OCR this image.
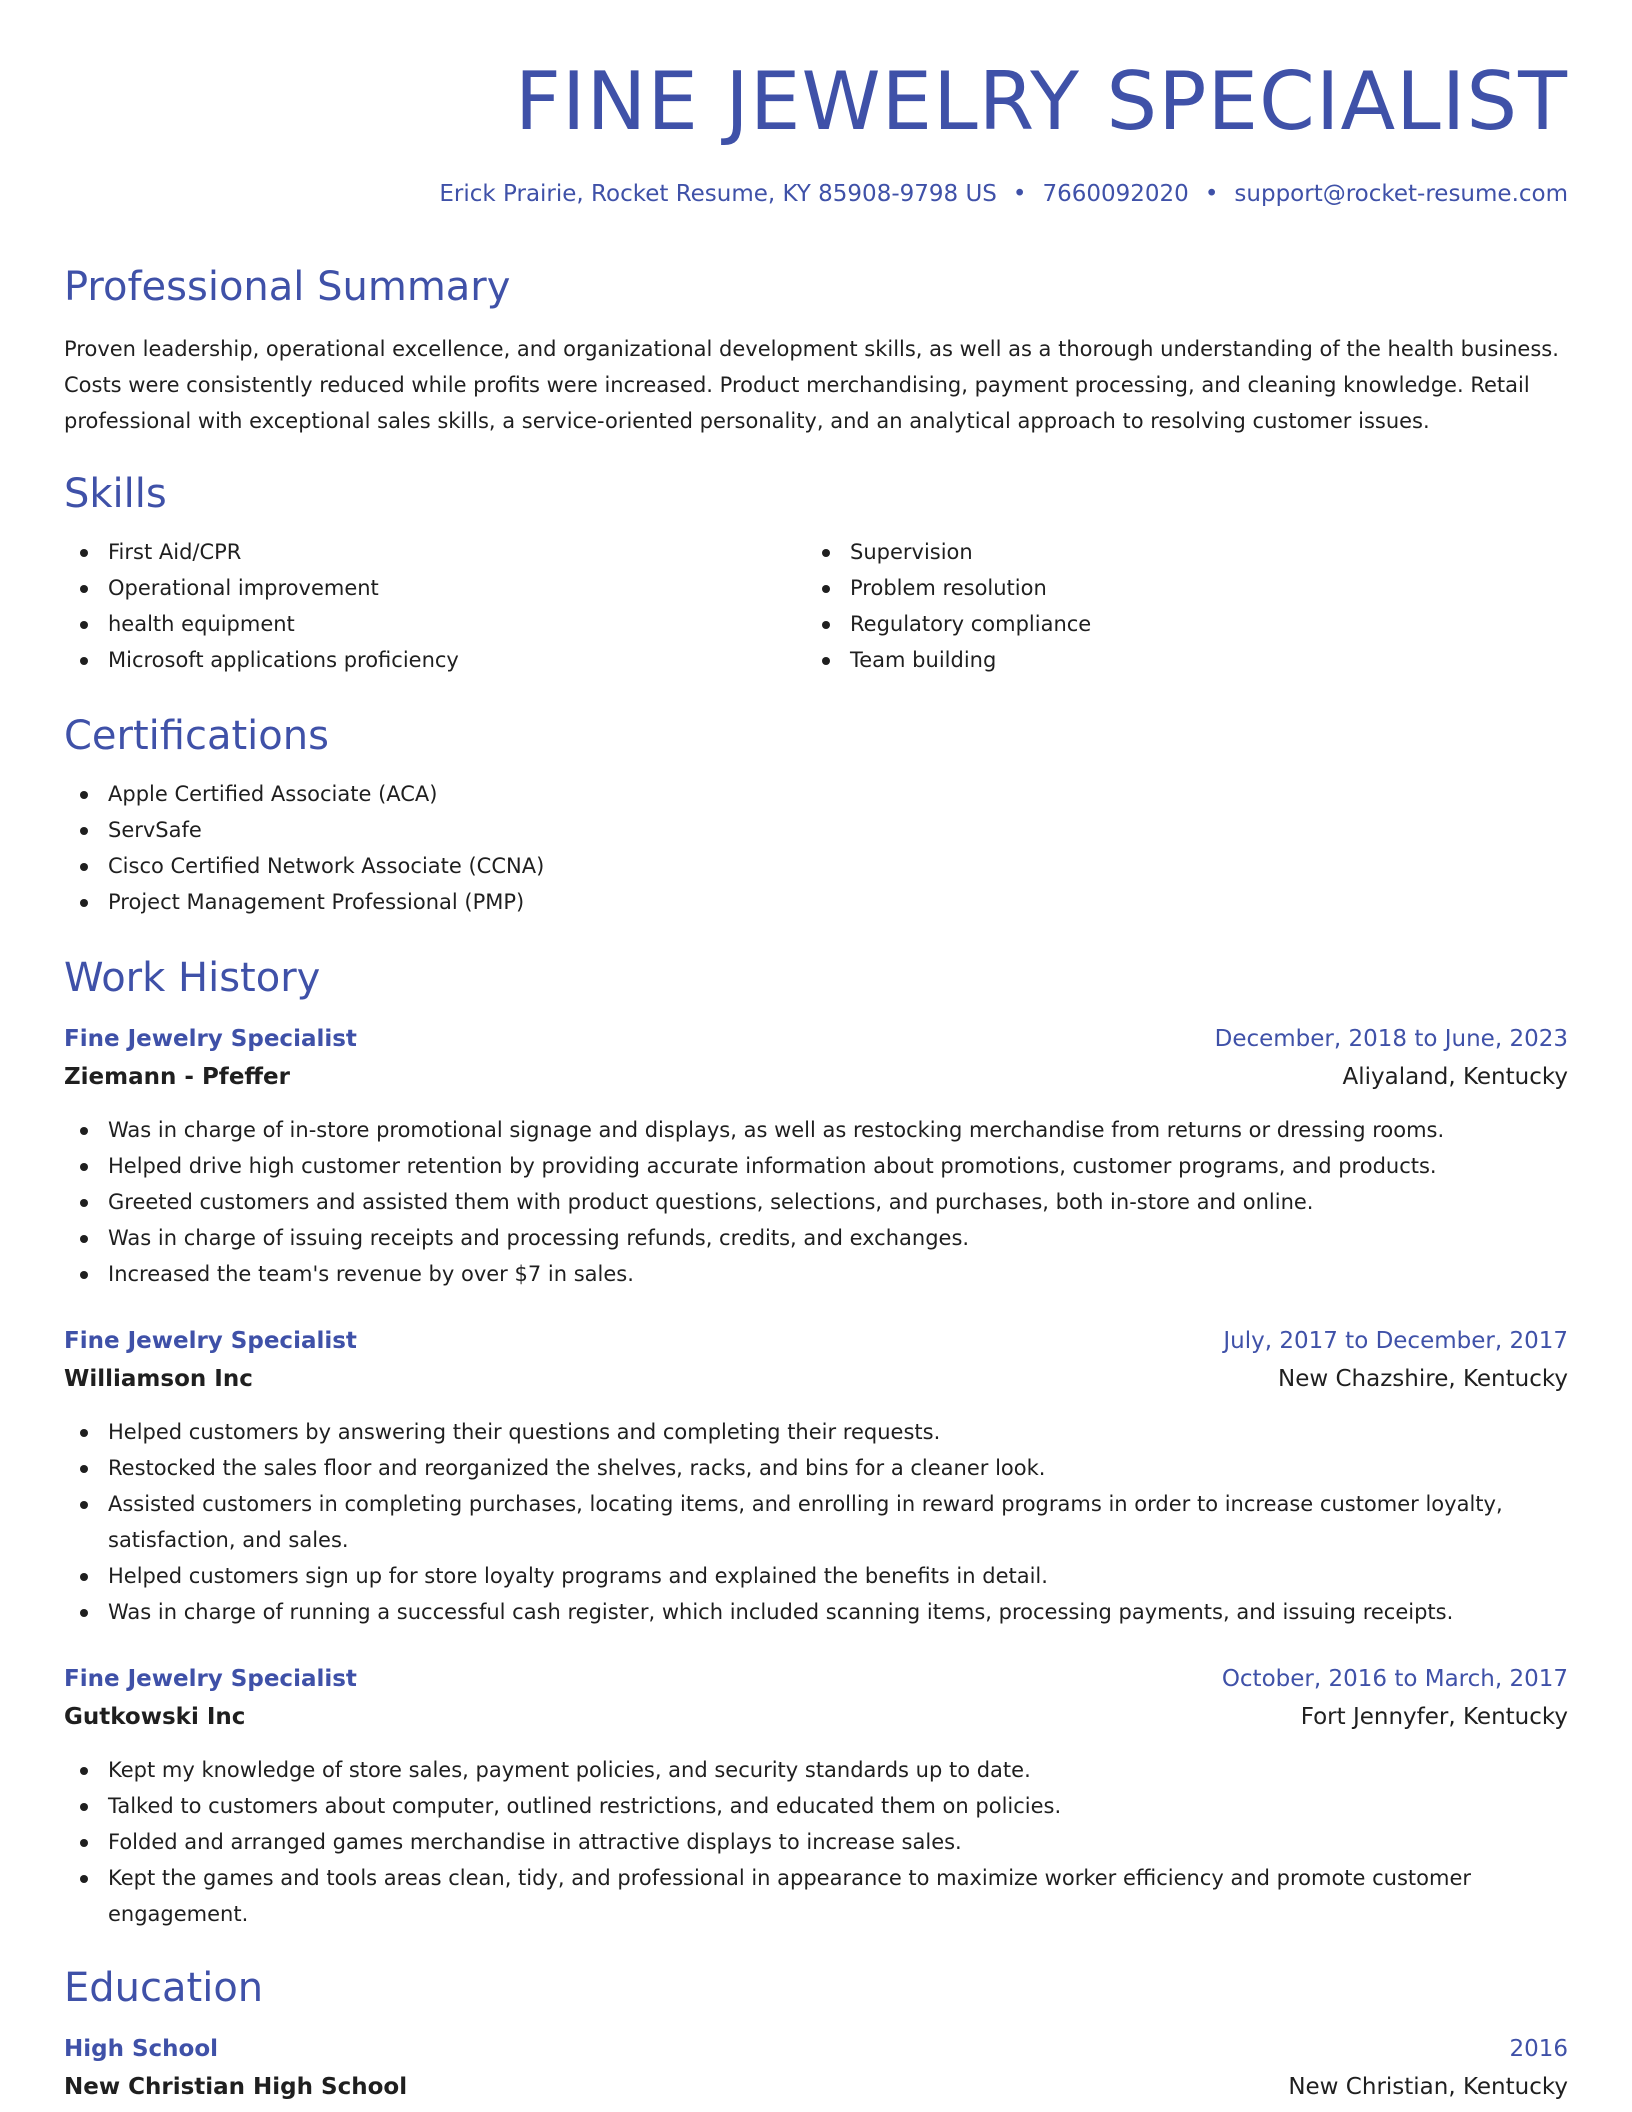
FINE JEWELRY SPECIALIST
Erick Prairie, Rocket Resume, KY 85908-9798 US • 7660092020 • support@rocket-resume.com
Professional Summary

Proven leadership, operational excellence, and organizational development skills, as well as a thorough understanding of the health business. Costs were consistently reduced while profits were increased. Product merchandising, payment processing, and cleaning knowledge. Retail professional with exceptional sales skills, a service-oriented personality, and an analytical approach to resolving customer issues.

Skills
First Aid/CPR
Operational improvement
health equipment
Microsoft applications proficiency
Supervision
Problem resolution
Regulatory compliance
Team building
Certifications
Apple Certified Associate (ACA)
ServSafe
Cisco Certified Network Associate (CCNA)
Project Management Professional (PMP)
Work History
Fine Jewelry Specialist	December, 2018 to June, 2023
Ziemann - Pfeffer	Aliyaland, Kentucky
Was in charge of in-store promotional signage and displays, as well as restocking merchandise from returns or dressing rooms.
Helped drive high customer retention by providing accurate information about promotions, customer programs, and products.
Greeted customers and assisted them with product questions, selections, and purchases, both in-store and online.
Was in charge of issuing receipts and processing refunds, credits, and exchanges.
Increased the team's revenue by over $7 in sales.
Fine Jewelry Specialist	July, 2017 to December, 2017
Williamson Inc	New Chazshire, Kentucky
Helped customers by answering their questions and completing their requests.
Restocked the sales floor and reorganized the shelves, racks, and bins for a cleaner look.
Assisted customers in completing purchases, locating items, and enrolling in reward programs in order to increase customer loyalty, satisfaction, and sales.
Helped customers sign up for store loyalty programs and explained the benefits in detail.
Was in charge of running a successful cash register, which included scanning items, processing payments, and issuing receipts.
Fine Jewelry Specialist	October, 2016 to March, 2017
Gutkowski Inc	Fort Jennyfer, Kentucky
Kept my knowledge of store sales, payment policies, and security standards up to date.
Talked to customers about computer, outlined restrictions, and educated them on policies.
Folded and arranged games merchandise in attractive displays to increase sales.
Kept the games and tools areas clean, tidy, and professional in appearance to maximize worker efficiency and promote customer engagement.
Education
High School	2016
New Christian High School	New Christian, Kentucky
